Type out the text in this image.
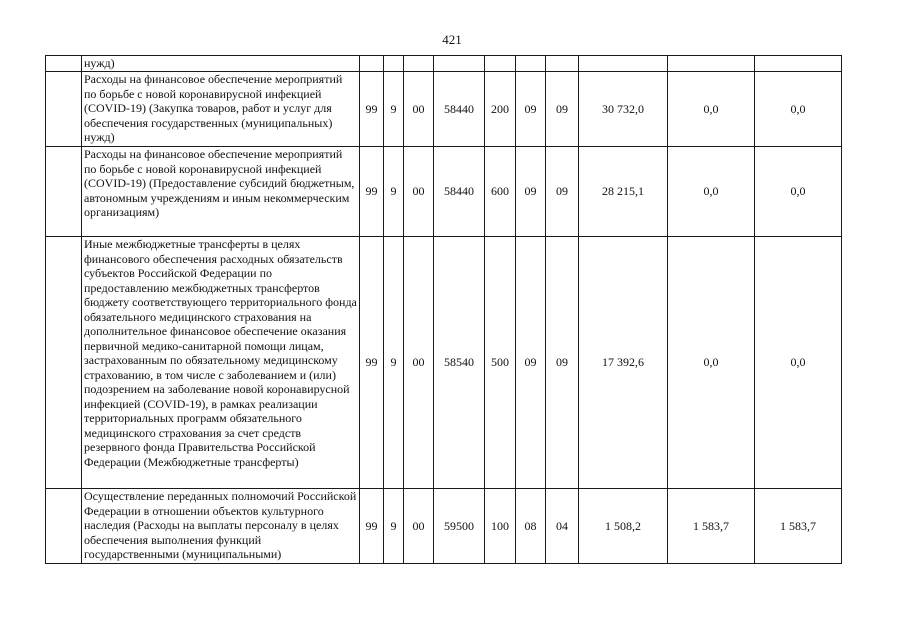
421
	нужд)										
	Расходы на финансовое обеспечение мероприятий по борьбе с новой коронавирусной инфекцией (COVID-19) (Закупка товаров, работ и услуг для обеспечения государственных (муниципальных) нужд)	99	9	00	58440	200	09	09	30 732,0	0,0	0,0
	Расходы на финансовое обеспечение мероприятий по борьбе с новой коронавирусной инфекцией (COVID-19) (Предоставление субсидий бюджетным, автономным учреждениям и иным некоммерческим организациям)	99	9	00	58440	600	09	09	28 215,1	0,0	0,0
	Иные межбюджетные трансферты в целях финансового обеспечения расходных обязательств субъектов Российской Федерации по предоставлению межбюджетных трансфертов бюджету соответствующего территориального фонда обязательного медицинского страхования на дополнительное финансовое обеспечение оказания первичной медико-санитарной помощи лицам, застрахованным по обязательному медицинскому страхованию, в том числе с заболеванием и (или) подозрением на заболевание новой коронавирусной инфекцией (COVID-19), в рамках реализации территориальных программ обязательного медицинского страхования за счет средств резервного фонда Правительства Российской Федерации (Межбюджетные трансферты)	99	9	00	58540	500	09	09	17 392,6	0,0	0,0
	Осуществление переданных полномочий Российской Федерации в отношении объектов культурного наследия (Расходы на выплаты персоналу в целях обеспечения выполнения функций государственными (муниципальными)	99	9	00	59500	100	08	04	1 508,2	1 583,7	1 583,7
